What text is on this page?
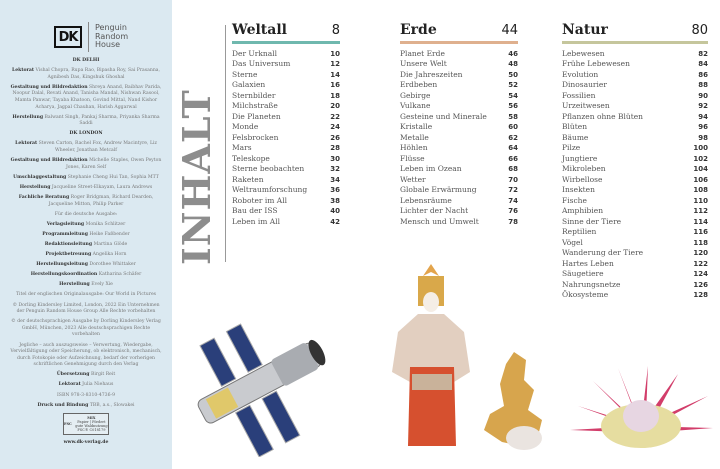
DK
Penguin
Random
House

DK DELHI

Lektorat Vishal Chopra, Rupa Rao, Bipasha Roy, Sai Prasanna, Agnibesh Das, Kingshuk Ghoshal

Gestaltung und Bildredaktion Shreya Anand, Baibhav Parida, Noopur Dalal, Revati Anand, Tanisha Mandal, Nishwan Rasool, Mamta Panwar, Tayaba Khatoon, Govind Mittal, Nand Kishor Acharya, Jagpal Chauhan, Harish Aggarwal

Herstellung Balwant Singh, Pankaj Sharma, Priyanka Sharma Saddi

DK LONDON

Lektorat Steven Carton, Rachel Fox, Andrew Macintyre, Liz Wheeler, Jonathan Metcalf

Gestaltung und Bildredaktion Michelle Staples, Owen Peyton Jones, Karen Self

Umschlaggestaltung Stephanie Cheng Hui Tan, Sophia MTT

Herstellung Jacqueline Street-Elkayam, Laura Andrews

Fachliche Beratung Roger Bridgman, Richard Dearden, Jacqueline Mitton, Philip Parker

Für die deutsche Ausgabe:

Verlagsleitung Monika Schlitzer

Programmleitung Heike Faßbender

Redaktionsleitung Martina Glöde

Projektbetreuung Angelika Horn

Herstellungsleitung Dorothee Whittaker

Herstellungskoordination Katharina Schäfer

Herstellung Evely Xie

Titel der englischen Originalausgabe: Our World in Pictures

© Dorling Kindersley Limited, London, 2022 Ein Unternehmen der Penguin Random House Group Alle Rechte vorbehalten

© der deutschsprachigen Ausgabe by Dorling Kindersley Verlag GmbH, München, 2023 Alle deutschsprachigen Rechte vorbehalten

Jegliche – auch auszugsweise – Verwertung, Wiedergabe, Vervielfältigung oder Speicherung, ob elektronisch, mechanisch, durch Fotokopie oder Aufzeichnung, bedarf der vorherigen schriftlichen Genehmigung durch den Verlag

Übersetzung Birgit Reit

Lektorat Julia Niehaus

ISBN 978-3-8310-4736-9

Druck und Bindung TBB, a.s., Slowakei

FSC
MIX
Papier | Fördert gute Waldnutzung
FSC® C018179

www.dk-verlag.de

INHALT
Weltall	8
Der Urknall	10
Das Universum	12
Sterne	14
Galaxien	16
Sternbilder	18
Milchstraße	20
Die Planeten	22
Monde	24
Felsbrocken	26
Mars	28
Teleskope	30
Sterne beobachten	32
Raketen	34
Weltraumforschung	36
Roboter im All	38
Bau der ISS	40
Leben im All	42
Erde	44
Planet Erde	46
Unsere Welt	48
Die Jahreszeiten	50
Erdbeben	52
Gebirge	54
Vulkane	56
Gesteine und Minerale	58
Kristalle	60
Metalle	62
Höhlen	64
Flüsse	66
Leben im Ozean	68
Wetter	70
Globale Erwärmung	72
Lebensräume	74
Lichter der Nacht	76
Mensch und Umwelt	78
Natur	80
Lebewesen	82
Frühe Lebewesen	84
Evolution	86
Dinosaurier	88
Fossilien	90
Urzeitwesen	92
Pflanzen ohne Blüten	94
Blüten	96
Bäume	98
Pilze	100
Jungtiere	102
Mikroleben	104
Wirbellose	106
Insekten	108
Fische	110
Amphibien	112
Sinne der Tiere	114
Reptilien	116
Vögel	118
Wanderung der Tiere	120
Hartes Leben	122
Säugetiere	124
Nahrungsnetze	126
Ökosysteme	128
